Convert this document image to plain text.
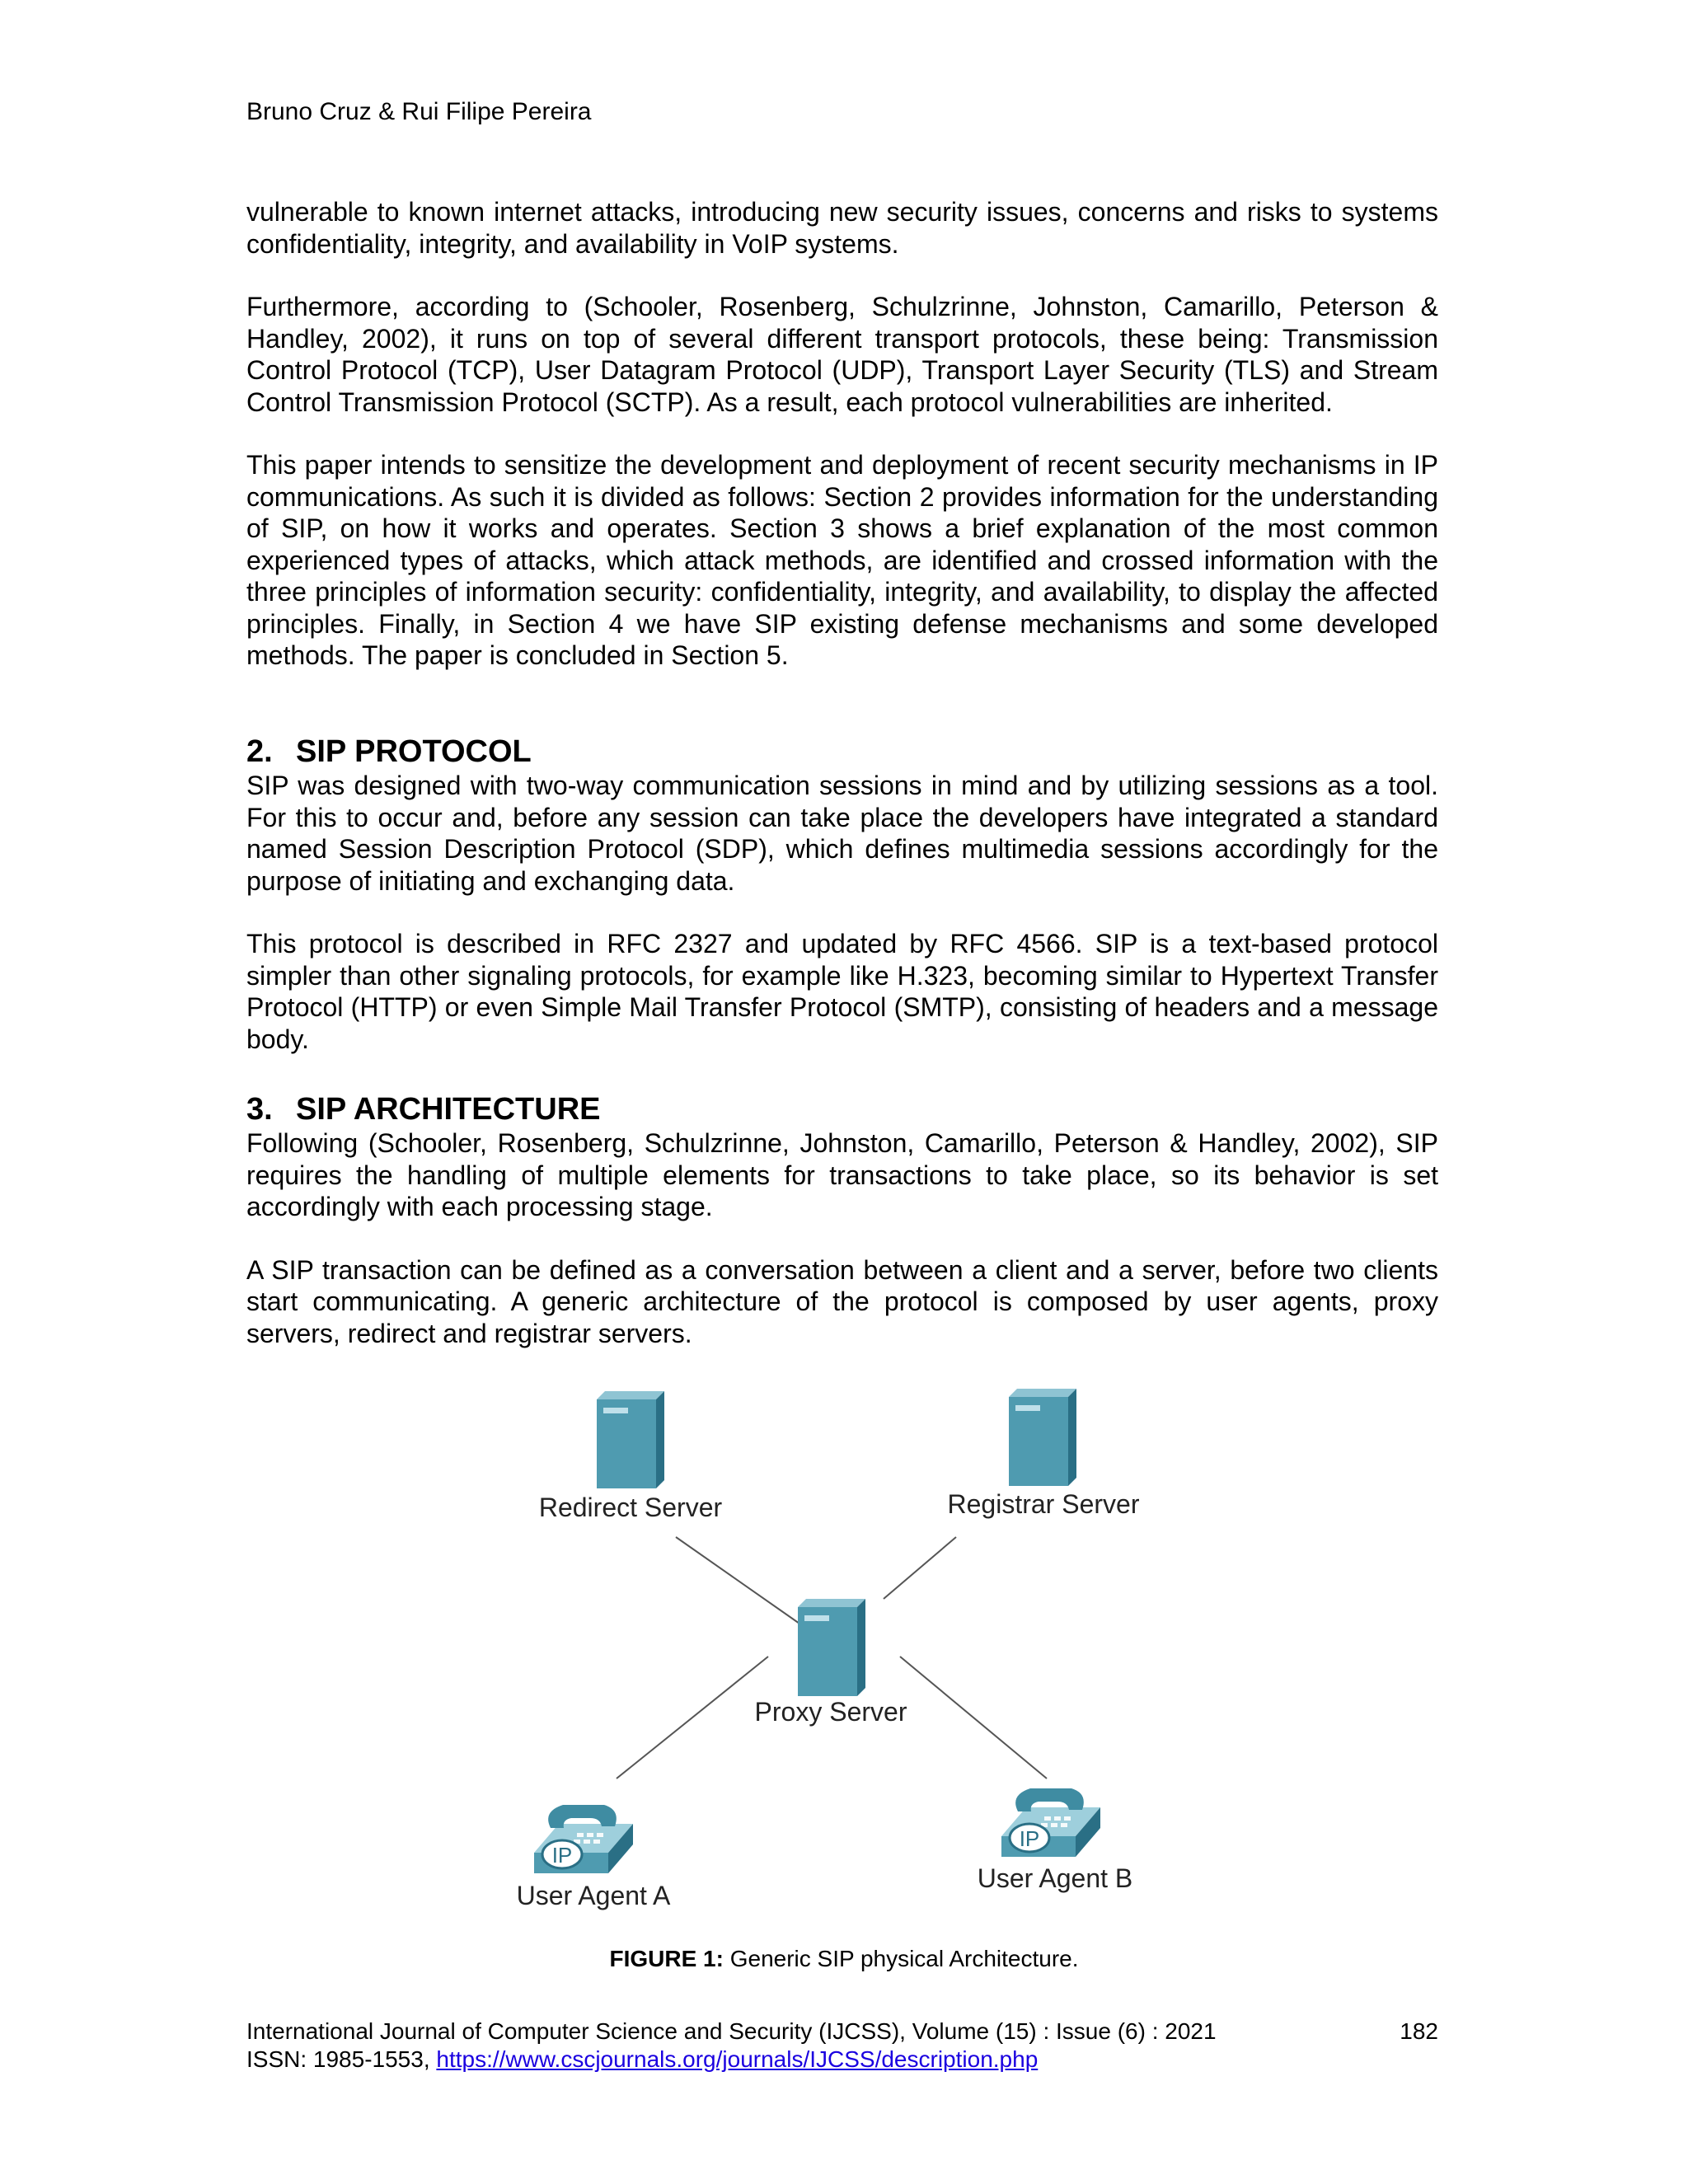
Bruno Cruz & Rui Filipe Pereira

vulnerable to known internet attacks, introducing new security issues, concerns and risks to systems confidentiality, integrity, and availability in VoIP systems.

Furthermore, according to (Schooler, Rosenberg, Schulzrinne, Johnston, Camarillo, Peterson & Handley, 2002), it runs on top of several different transport protocols, these being: Transmission Control Protocol (TCP), User Datagram Protocol (UDP), Transport Layer Security (TLS) and Stream Control Transmission Protocol (SCTP). As a result, each protocol vulnerabilities are inherited.

This paper intends to sensitize the development and deployment of recent security mechanisms in IP communications. As such it is divided as follows: Section 2 provides information for the understanding of SIP, on how it works and operates. Section 3 shows a brief explanation of the most common experienced types of attacks, which attack methods, are identified and crossed information with the three principles of information security: confidentiality, integrity, and availability, to display the affected principles. Finally, in Section 4 we have SIP existing defense mechanisms and some developed methods. The paper is concluded in Section 5.

2. SIP PROTOCOL

SIP was designed with two-way communication sessions in mind and by utilizing sessions as a tool. For this to occur and, before any session can take place the developers have integrated a standard named Session Description Protocol (SDP), which defines multimedia sessions accordingly for the purpose of initiating and exchanging data.

This protocol is described in RFC 2327 and updated by RFC 4566. SIP is a text-based protocol simpler than other signaling protocols, for example like H.323, becoming similar to Hypertext Transfer Protocol (HTTP) or even Simple Mail Transfer Protocol (SMTP), consisting of headers and a message body.

3. SIP ARCHITECTURE

Following (Schooler, Rosenberg, Schulzrinne, Johnston, Camarillo, Peterson & Handley, 2002), SIP requires the handling of multiple elements for transactions to take place, so its behavior is set accordingly with each processing stage.

A SIP transaction can be defined as a conversation between a client and a server, before two clients start communicating. A generic architecture of the protocol is composed by user agents, proxy servers, redirect and registrar servers.

Redirect Server	Registrar Server
Proxy Server
IP
User Agent A
IP
User Agent B
FIGURE 1: Generic SIP physical Architecture.
International Journal of Computer Science and Security (IJCSS), Volume (15) : Issue (6) : 2021	182
ISSN: 1985-1553, https://www.cscjournals.org/journals/IJCSS/description.php
